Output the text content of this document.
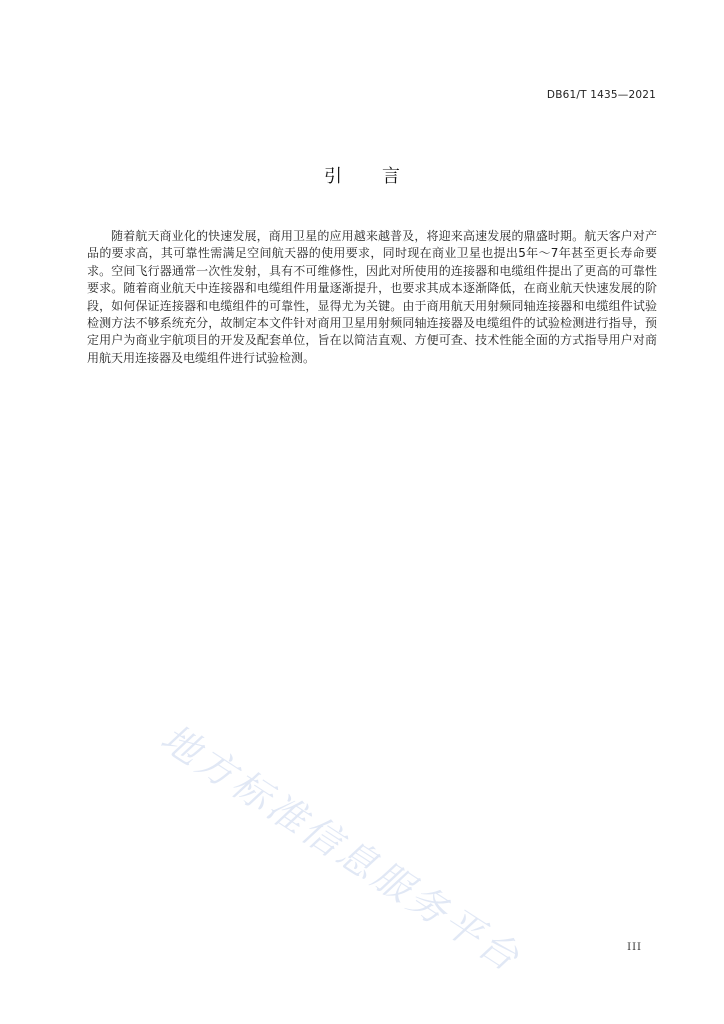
DB61/T 1435—2021
引 言
随着航天商业化的快速发展，商用卫星的应用越来越普及，将迎来高速发展的鼎盛时期。航天客户对产品的要求高，其可靠性需满足空间航天器的使用要求，同时现在商业卫星也提出5年～7年甚至更长寿命要求。空间飞行器通常一次性发射，具有不可维修性，因此对所使用的连接器和电缆组件提出了更高的可靠性要求。随着商业航天中连接器和电缆组件用量逐渐提升，也要求其成本逐渐降低，在商业航天快速发展的阶段，如何保证连接器和电缆组件的可靠性，显得尤为关键。由于商用航天用射频同轴连接器和电缆组件试验检测方法不够系统充分，故制定本文件针对商用卫星用射频同轴连接器及电缆组件的试验检测进行指导，预定用户为商业宇航项目的开发及配套单位，旨在以简洁直观、方便可查、技术性能全面的方式指导用户对商用航天用连接器及电缆组件进行试验检测。
地方标准信息服务平台	III
